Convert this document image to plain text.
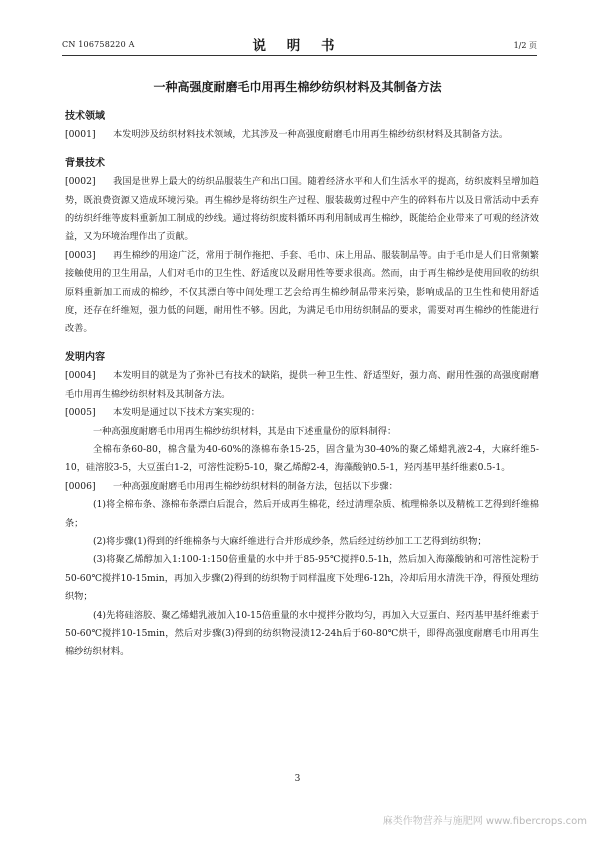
CN 106758220 A	说 明 书	1/2 页
一种高强度耐磨毛巾用再生棉纱纺织材料及其制备方法
技术领域

[0001] 本发明涉及纺织材料技术领域，尤其涉及一种高强度耐磨毛巾用再生棉纱纺织材料及其制备方法。

背景技术

[0002] 我国是世界上最大的纺织品服装生产和出口国。随着经济水平和人们生活水平的提高，纺织废料呈增加趋势，既浪费资源又造成环境污染。再生棉纱是将纺织生产过程、服装裁剪过程中产生的碎料布片以及日常活动中丢弃的纺织纤维等废料重新加工制成的纱线。通过将纺织废料循环再利用制成再生棉纱，既能给企业带来了可观的经济效益，又为环境治理作出了贡献。

[0003] 再生棉纱的用途广泛，常用于制作拖把、手套、毛巾、床上用品、服装制品等。由于毛巾是人们日常频繁接触使用的卫生用品，人们对毛巾的卫生性、舒适度以及耐用性等要求很高。然而，由于再生棉纱是使用回收的纺织原料重新加工而成的棉纱，不仅其漂白等中间处理工艺会给再生棉纱制品带来污染，影响成品的卫生性和使用舒适度，还存在纤维短，强力低的问题，耐用性不够。因此，为满足毛巾用纺织制品的要求，需要对再生棉纱的性能进行改善。

发明内容

[0004] 本发明目的就是为了弥补已有技术的缺陷，提供一种卫生性、舒适型好，强力高、耐用性强的高强度耐磨毛巾用再生棉纱纺织材料及其制备方法。

[0005] 本发明是通过以下技术方案实现的：

一种高强度耐磨毛巾用再生棉纱纺织材料，其是由下述重量份的原料制得：

全棉布条60-80，棉含量为40-60%的涤棉布条15-25，固含量为30-40%的聚乙烯蜡乳液2-4，大麻纤维5-10，硅溶胶3-5，大豆蛋白1-2，可溶性淀粉5-10，聚乙烯醇2-4，海藻酸钠0.5-1，羟丙基甲基纤维素0.5-1。

[0006] 一种高强度耐磨毛巾用再生棉纱纺织材料的制备方法，包括以下步骤：

(1)将全棉布条、涤棉布条漂白后混合，然后开成再生棉花，经过清理杂质、梳理棉条以及精梳工艺得到纤维棉条；

(2)将步骤(1)得到的纤维棉条与大麻纤维进行合并形成纱条，然后经过纺纱加工工艺得到纺织物；

(3)将聚乙烯醇加入1:100-1:150倍重量的水中并于85-95℃搅拌0.5-1h，然后加入海藻酸钠和可溶性淀粉于50-60℃搅拌10-15min，再加入步骤(2)得到的纺织物于同样温度下处理6-12h，冷却后用水清洗干净，得预处理纺织物；

(4)先将硅溶胶、聚乙烯蜡乳液加入10-15倍重量的水中搅拌分散均匀，再加入大豆蛋白、羟丙基甲基纤维素于50-60℃搅拌10-15min，然后对步骤(3)得到的纺织物浸渍12-24h后于60-80℃烘干，即得高强度耐磨毛巾用再生棉纱纺织材料。

3
麻类作物营养与施肥网 www.fibercrops.com
